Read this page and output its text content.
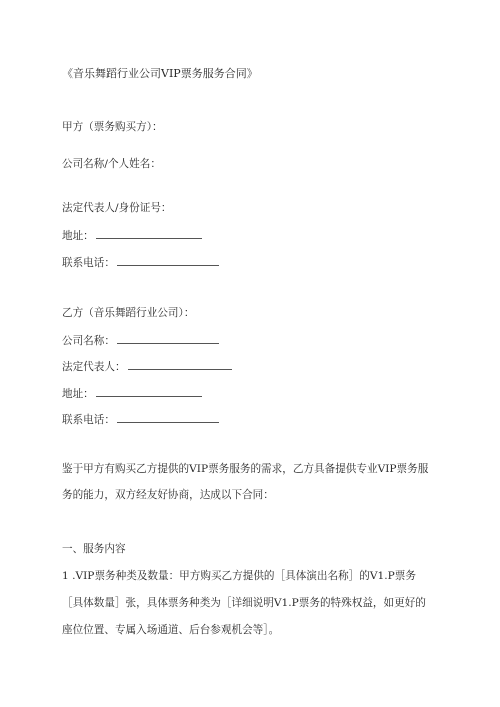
《音乐舞蹈行业公司VIP票务服务合同》
甲方（票务购买方）：
公司名称/个人姓名：
法定代表人/身份证号：
地址：
联系电话：
乙方（音乐舞蹈行业公司）：
公司名称：
法定代表人：
地址：
联系电话：
鉴于甲方有购买乙方提供的VIP票务服务的需求，乙方具备提供专业VIP票务服
务的能力，双方经友好协商，达成以下合同：
一、服务内容
1 .VIP票务种类及数量：甲方购买乙方提供的［具体演出名称］的V1.P票务
［具体数量］张，具体票务种类为［详细说明V1.P票务的特殊权益，如更好的
座位位置、专属入场通道、后台参观机会等］。
